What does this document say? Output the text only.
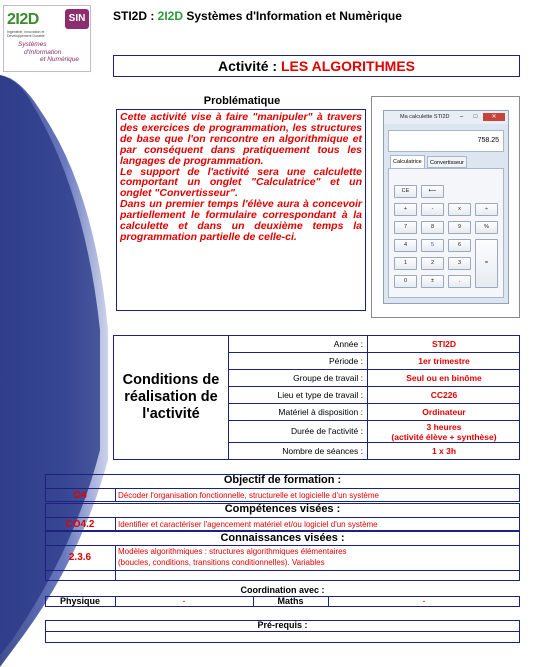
2I2D	SIN
Ingénierie, Innovation et Développement Durable
Systèmes
d'Information
et Numérique
STI2D : 2I2D Systèmes d'Information et Numèrique
Activité : LES ALGORITHMES
Problématique

Cette activité vise à faire "manipuler" à travers des exercices de programmation, les structures de base que l'on rencontre en algorithmique et par conséquent dans pratiquement tous les langages de programmation.

Le support de l'activité sera une calculette comportant un onglet "Calculatrice" et un onglet "Convertisseur".

Dans un premier temps l'élève aura à concevoir partiellement le formulaire correspondant à la calculette et dans un deuxième temps la programmation partielle de celle-ci.

Ma calculette STI2D	–	□	✕
758.25
Calculatrice	Convertisseur
CE	⟵
+	-	x	÷
7	8	9	%
4	5	6
=
1	2	3
0	±	.
Conditions de réalisation de l'activité
Année :	STI2D
Période :	1er trimestre
Groupe de travail :	Seul ou en binôme
Lieu et type de travail :	CC226
Matériel à disposition :	Ordinateur
Durée de l'activité :	3 heures
(activité élève + synthèse)
Nombre de séances :	1 x 3h
Objectif de formation :
O4	Décoder l'organisation fonctionnelle, structurelle et logicielle d'un système
Compétences visées :
CO4.2	Identifier et caractériser l'agencement matériel et/ou logiciel d'un système
Connaissances visées :
2.3.6
Modèles algorithmiques : structures algorithmiques élémentaires
(boucles, conditions, transitions conditionnelles). Variables
Coordination avec :
Physique	-	Maths	-
Pré-requis :
